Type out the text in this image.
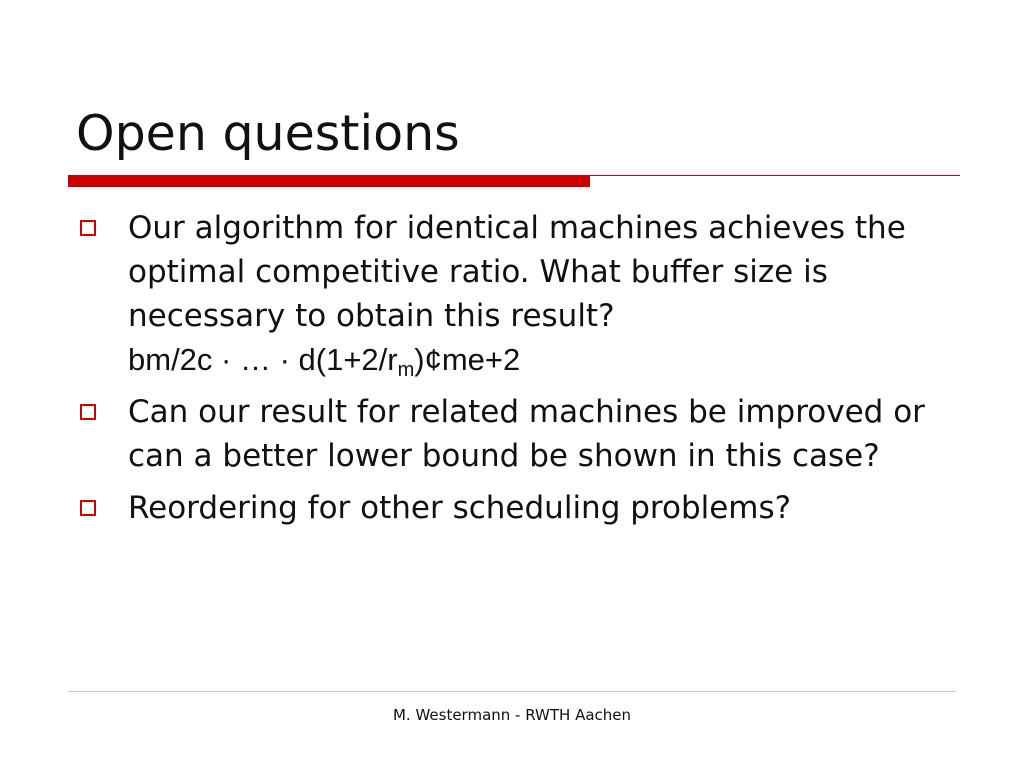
Open questions
Our algorithm for identical machines achieves the optimal competitive ratio. What buffer size is necessary to obtain this result?
bm/2c · … · $d(1+2/r_m)¢me+2$
Can our result for related machines be improved or can a better lower bound be shown in this case?
Reordering for other scheduling problems?
M. Westermann - RWTH Aachen
